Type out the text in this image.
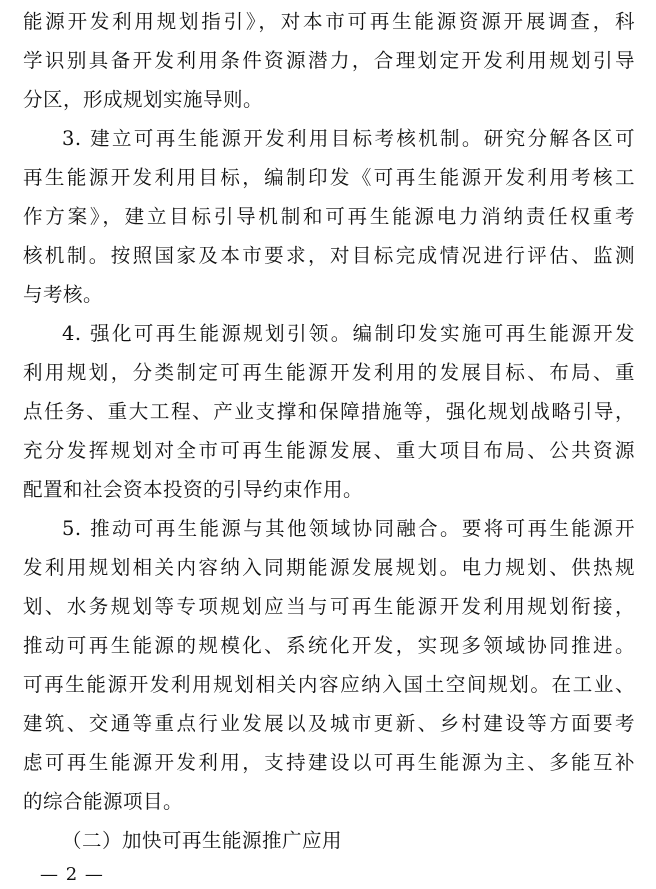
能源开发利用规划指引》，对本市可再生能源资源开展调查，科
学识别具备开发利用条件资源潜力，合理划定开发利用规划引导
分区，形成规划实施导则。
3. 建立可再生能源开发利用目标考核机制。研究分解各区可
再生能源开发利用目标，编制印发《可再生能源开发利用考核工
作方案》，建立目标引导机制和可再生能源电力消纳责任权重考
核机制。按照国家及本市要求，对目标完成情况进行评估、监测
与考核。
4. 强化可再生能源规划引领。编制印发实施可再生能源开发
利用规划，分类制定可再生能源开发利用的发展目标、布局、重
点任务、重大工程、产业支撑和保障措施等，强化规划战略引导，
充分发挥规划对全市可再生能源发展、重大项目布局、公共资源
配置和社会资本投资的引导约束作用。
5. 推动可再生能源与其他领域协同融合。要将可再生能源开
发利用规划相关内容纳入同期能源发展规划。电力规划、供热规
划、水务规划等专项规划应当与可再生能源开发利用规划衔接，
推动可再生能源的规模化、系统化开发，实现多领域协同推进。
可再生能源开发利用规划相关内容应纳入国土空间规划。在工业、
建筑、交通等重点行业发展以及城市更新、乡村建设等方面要考
虑可再生能源开发利用，支持建设以可再生能源为主、多能互补
的综合能源项目。
（二）加快可再生能源推广应用
— 2 —
